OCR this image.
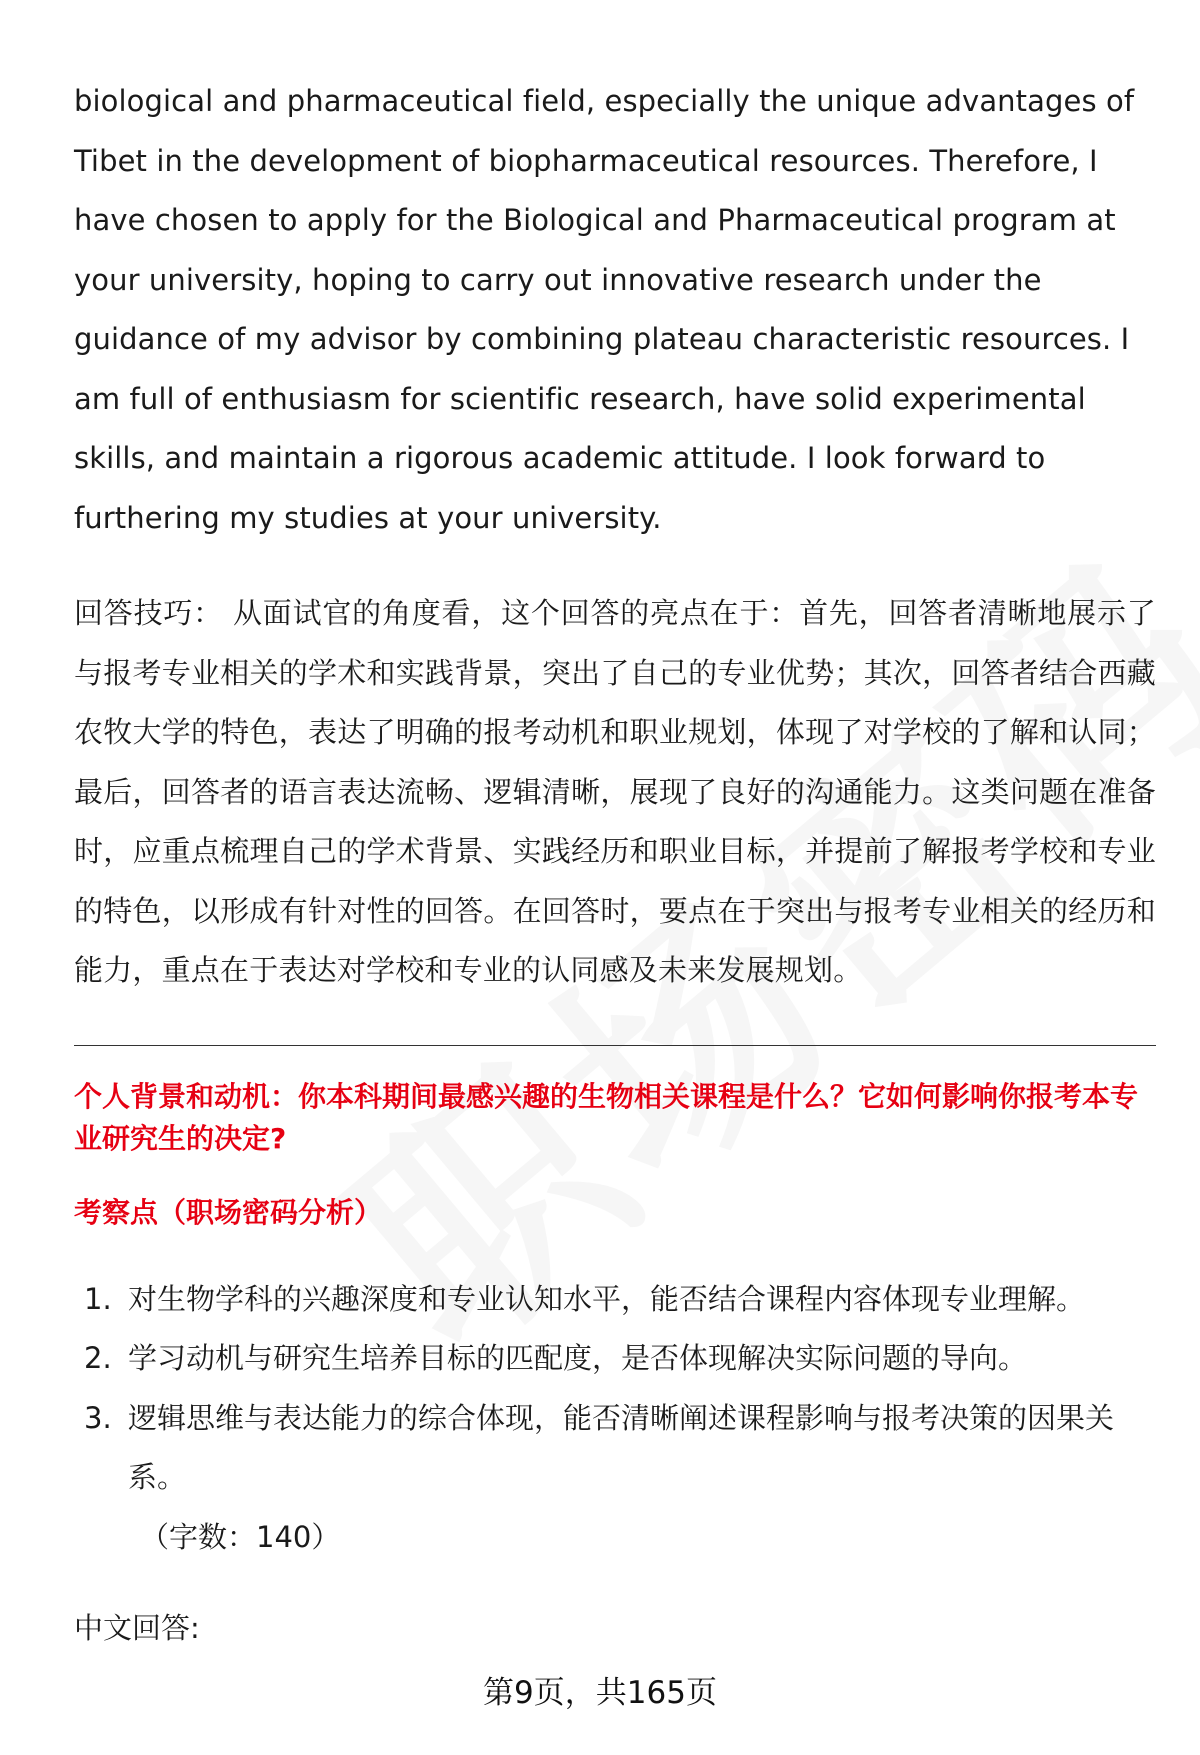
biological and pharmaceutical field, especially the unique advantages of Tibet in the development of biopharmaceutical resources. Therefore, I have chosen to apply for the Biological and Pharmaceutical program at your university, hoping to carry out innovative research under the guidance of my advisor by combining plateau characteristic resources. I am full of enthusiasm for scientific research, have solid experimental skills, and maintain a rigorous academic attitude. I look forward to furthering my studies at your university.

回答技巧： 从面试官的角度看，这个回答的亮点在于：首先，回答者清晰地展示了与报考专业相关的学术和实践背景，突出了自己的专业优势；其次，回答者结合西藏农牧大学的特色，表达了明确的报考动机和职业规划，体现了对学校的了解和认同；最后，回答者的语言表达流畅、逻辑清晰，展现了良好的沟通能力。这类问题在准备时，应重点梳理自己的学术背景、实践经历和职业目标，并提前了解报考学校和专业的特色，以形成有针对性的回答。在回答时，要点在于突出与报考专业相关的经历和能力，重点在于表达对学校和专业的认同感及未来发展规划。

个人背景和动机：你本科期间最感兴趣的生物相关课程是什么？它如何影响你报考本专业研究生的决定?
考察点（职场密码分析）
1. 对生物学科的兴趣深度和专业认知水平，能否结合课程内容体现专业理解。
2. 学习动机与研究生培养目标的匹配度，是否体现解决实际问题的导向。
3. 逻辑思维与表达能力的综合体现，能否清晰阐述课程影响与报考决策的因果关系。

（字数：140）

中文回答:

第9页，共165页
